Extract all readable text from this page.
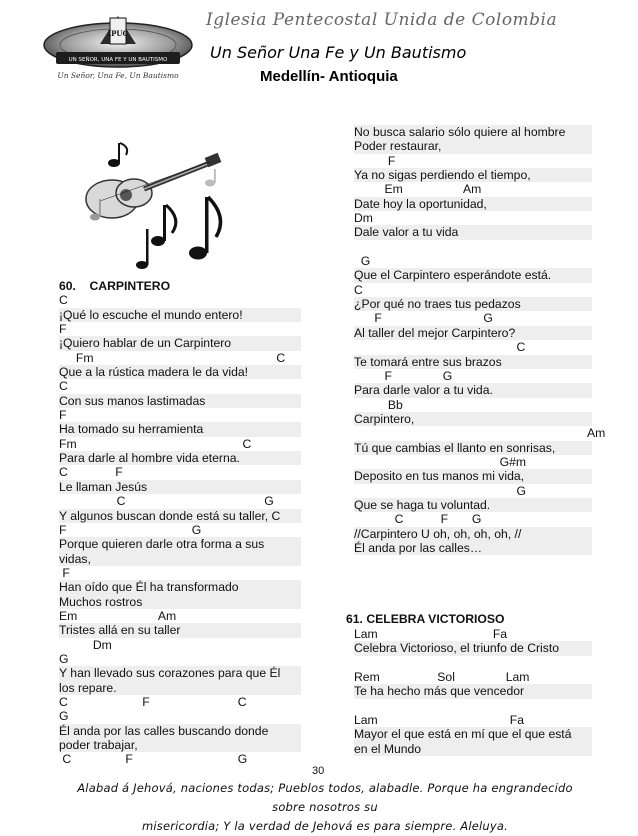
UN SEÑOR, UNA FE Y UN BAUTISMO
IPUC
Un Señor, Una Fe, Un Bautismo
Iglesia Pentecostal Unida de Colombia
Un Señor Una Fe y Un Bautismo
Medellín- Antioquia
60. CARPINTERO
C
¡Qué lo escuche el mundo entero!
F
¡Quiero hablar de un Carpintero
Fm                                                      C
Que a la rústica madera le da vida!
C
Con sus manos lastimadas
F
Ha tomado su herramienta
Fm                                                 C
Para darle al hombre vida eterna.
C              F
Le llaman Jesús
C                                         G
Y algunos buscan donde está su taller, C
F                                     G
Porque quieren darle otra forma a sus
vidas,
F
Han oído que Él ha transformado
Muchos rostros
Em                        Am
Tristes allá en su taller
Dm
G
Y han llevado sus corazones para que Él
los repare.
C                      F                          C
G
Él anda por las calles buscando donde
poder trabajar,
C                F                               G
No busca salario sólo quiere al hombre
Poder restaurar,
F
Ya no sigas perdiendo el tiempo,
Em                  Am
Date hoy la oportunidad,
Dm
Dale valor a tu vida
G
Que el Carpintero esperándote está.
C
¿Por qué no traes tus pedazos
F                              G
Al taller del mejor Carpintero?
C
Te tomará entre sus brazos
F               G
Para darle valor a tu vida.
Bb
Carpintero,
Am
Tú que cambias el llanto en sonrisas,
G#m
Deposito en tus manos mi vida,
G
Que se haga tu voluntad.
C           F       G
//Carpintero U oh, oh, oh, oh, //
Él anda por las calles…
61. CELEBRA VICTORIOSO
Lam                                  Fa
Celebra Victorioso, el triunfo de Cristo
Rem                 Sol               Lam
Te ha hecho más que vencedor
Lam                                       Fa
Mayor el que está en mí que el que está
en el Mundo
30
Alabad á Jehová, naciones todas; Pueblos todos, alabadle. Porque ha engrandecido sobre nosotros su
misericordia; Y la verdad de Jehová es para siempre. Aleluya.
